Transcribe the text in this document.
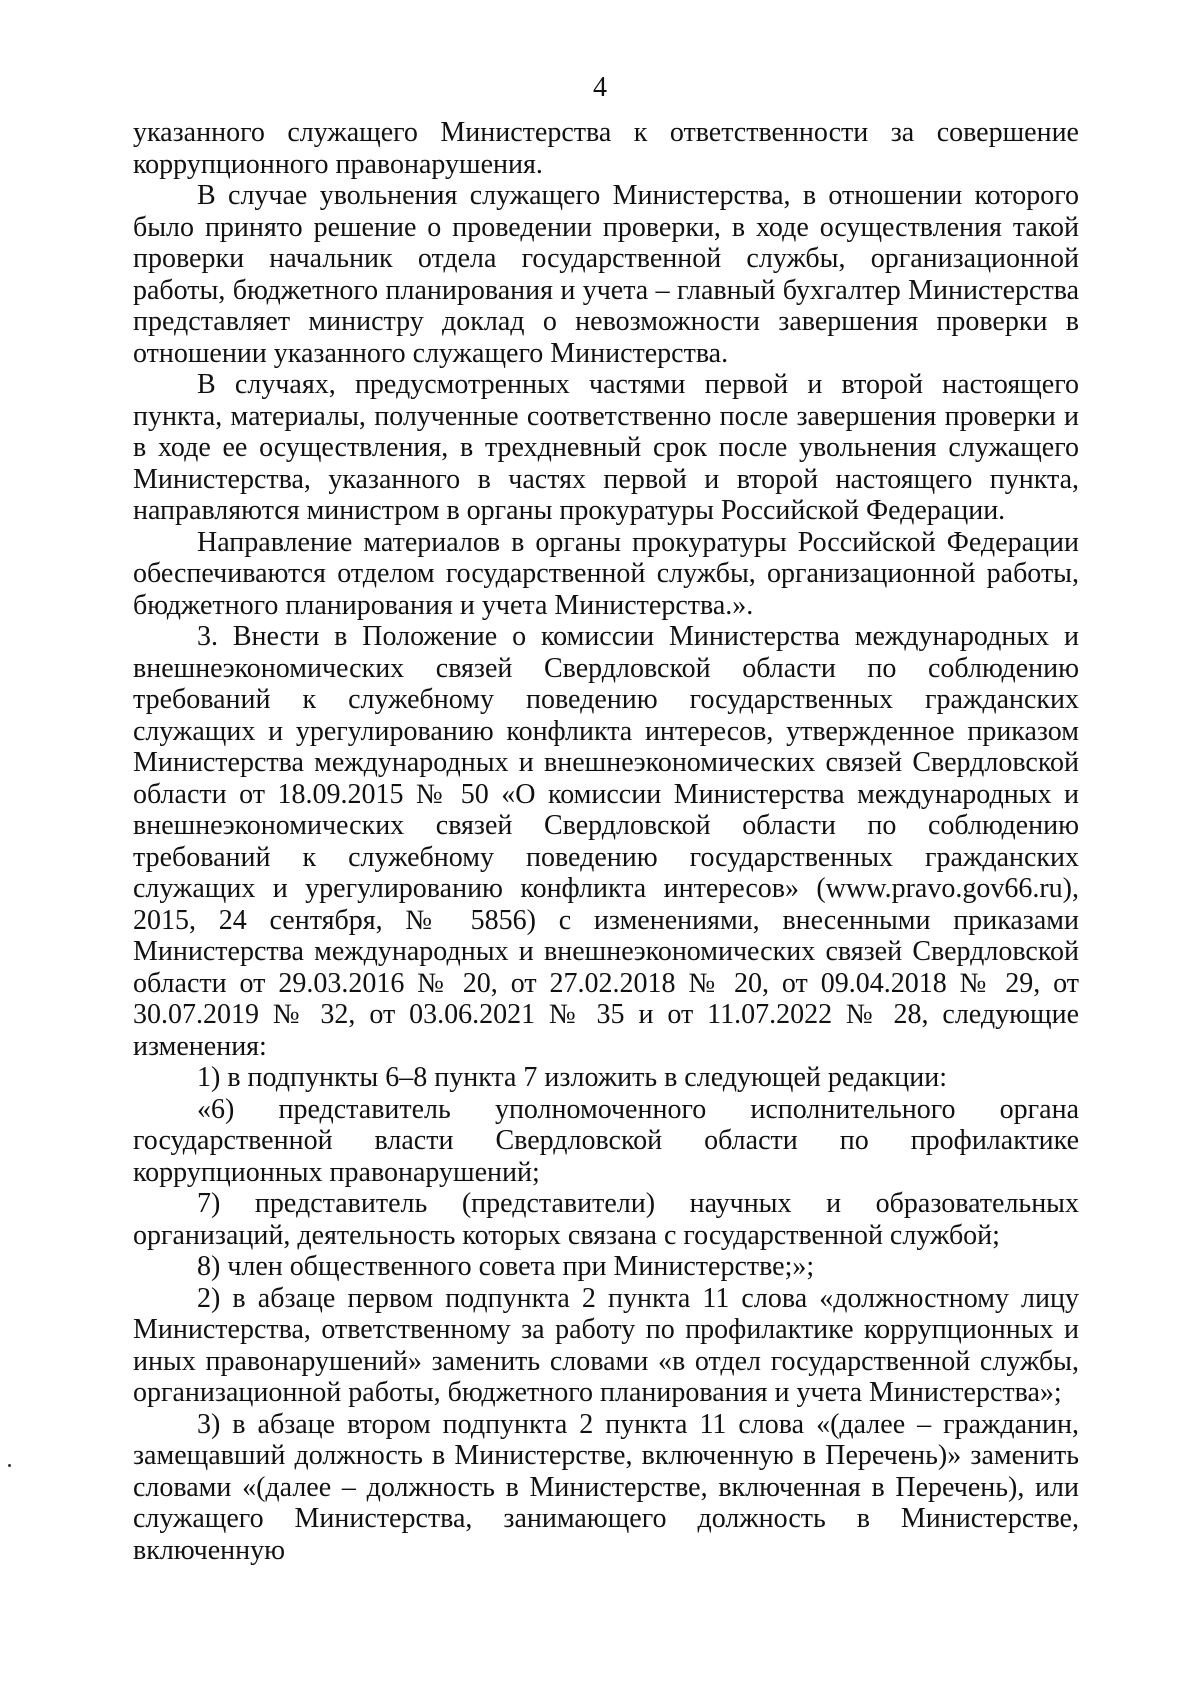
4

указанного служащего Министерства к ответственности за совершение коррупционного правонарушения.

В случае увольнения служащего Министерства, в отношении которого было принято решение о проведении проверки, в ходе осуществления такой проверки начальник отдела государственной службы, организационной работы, бюджетного планирования и учета – главный бухгалтер Министерства представляет министру доклад о невозможности завершения проверки в отношении указанного служащего Министерства.

В случаях, предусмотренных частями первой и второй настоящего пункта, материалы, полученные соответственно после завершения проверки и в ходе ее осуществления, в трехдневный срок после увольнения служащего Министерства, указанного в частях первой и второй настоящего пункта, направляются министром в органы прокуратуры Российской Федерации.

Направление материалов в органы прокуратуры Российской Федерации обеспечиваются отделом государственной службы, организационной работы, бюджетного планирования и учета Министерства.».

3. Внести в Положение о комиссии Министерства международных и внешнеэкономических связей Свердловской области по соблюдению требований к служебному поведению государственных гражданских служащих и урегулированию конфликта интересов, утвержденное приказом Министерства международных и внешнеэкономических связей Свердловской области от 18.09.2015 № 50 «О комиссии Министерства международных и внешнеэкономических связей Свердловской области по соблюдению требований к служебному поведению государственных гражданских служащих и урегулированию конфликта интересов» (www.pravo.gov66.ru), 2015, 24 сентября, № 5856) с изменениями, внесенными приказами Министерства международных и внешнеэкономических связей Свердловской области от 29.03.2016 № 20, от 27.02.2018 № 20, от 09.04.2018 № 29, от 30.07.2019 № 32, от 03.06.2021 № 35 и от 11.07.2022 № 28, следующие изменения:

1) в подпункты 6–8 пункта 7 изложить в следующей редакции:

«6) представитель уполномоченного исполнительного органа государственной власти Свердловской области по профилактике коррупционных правонарушений;

7) представитель (представители) научных и образовательных организаций, деятельность которых связана с государственной службой;

8) член общественного совета при Министерстве;»;

2) в абзаце первом подпункта 2 пункта 11 слова «должностному лицу Министерства, ответственному за работу по профилактике коррупционных и иных правонарушений» заменить словами «в отдел государственной службы, организационной работы, бюджетного планирования и учета Министерства»;

3) в абзаце втором подпункта 2 пункта 11 слова «(далее – гражданин, замещавший должность в Министерстве, включенную в Перечень)» заменить словами «(далее – должность в Министерстве, включенная в Перечень), или служащего Министерства, занимающего должность в Министерстве, включенную
